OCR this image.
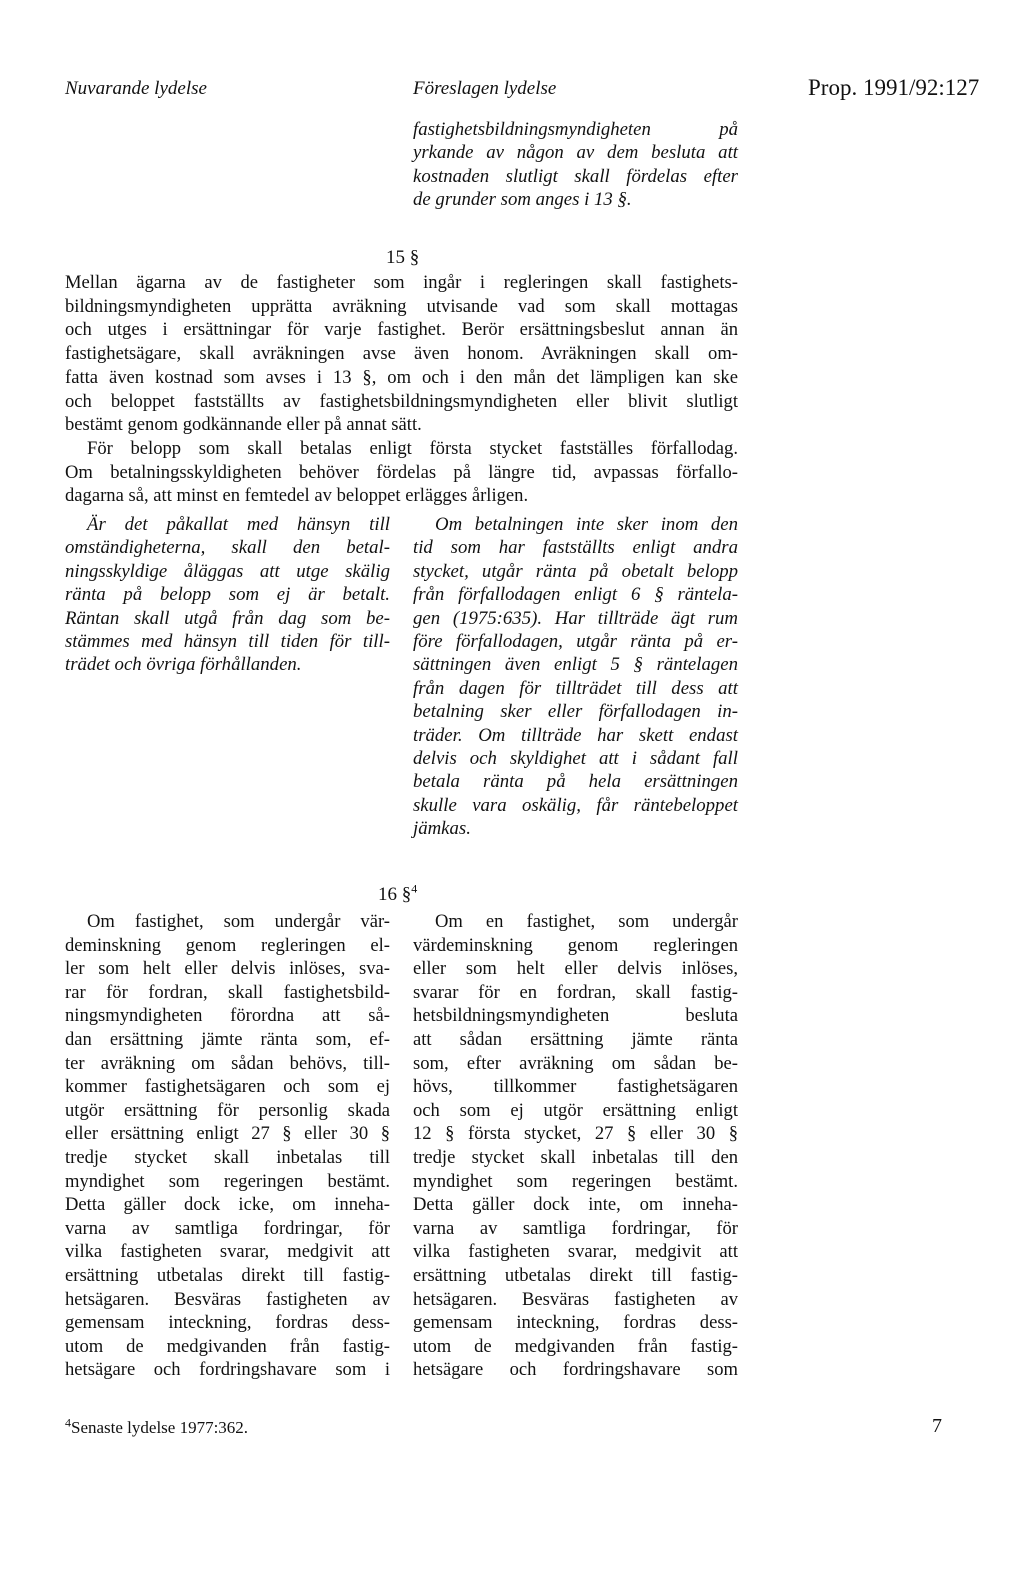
Nuvarande lydelse	Föreslagen lydelse	Prop. 1991/92:127
fastighetsbildningsmyndigheten på
yrkande av någon av dem besluta att
kostnaden slutligt skall fördelas efter
de grunder som anges i 13 §.
15 §
Mellan ägarna av de fastigheter som ingår i regleringen skall fastighets-
bildningsmyndigheten upprätta avräkning utvisande vad som skall mottagas
och utges i ersättningar för varje fastighet. Berör ersättningsbeslut annan än
fastighetsägare, skall avräkningen avse även honom. Avräkningen skall om-
fatta även kostnad som avses i 13 §, om och i den mån det lämpligen kan ske
och beloppet fastställts av fastighetsbildningsmyndigheten eller blivit slutligt
bestämt genom godkännande eller på annat sätt.
För belopp som skall betalas enligt första stycket fastställes förfallodag.
Om betalningsskyldigheten behöver fördelas på längre tid, avpassas förfallo-
dagarna så, att minst en femtedel av beloppet erlägges årligen.
Är det påkallat med hänsyn till
omständigheterna, skall den betal-
ningsskyldige åläggas att utge skälig
ränta på belopp som ej är betalt.
Räntan skall utgå från dag som be-
stämmes med hänsyn till tiden för till-
trädet och övriga förhållanden.
Om betalningen inte sker inom den
tid som har fastställts enligt andra
stycket, utgår ränta på obetalt belopp
från förfallodagen enligt 6 § räntela-
gen (1975:635). Har tillträde ägt rum
före förfallodagen, utgår ränta på er-
sättningen även enligt 5 § räntelagen
från dagen för tillträdet till dess att
betalning sker eller förfallodagen in-
träder. Om tillträde har skett endast
delvis och skyldighet att i sådant fall
betala ränta på hela ersättningen
skulle vara oskälig, får räntebeloppet
jämkas.
16 §$^4$
Om fastighet, som undergår vär-
deminskning genom regleringen el-
ler som helt eller delvis inlöses, sva-
rar för fordran, skall fastighetsbild-
ningsmyndigheten förordna att så-
dan ersättning jämte ränta som, ef-
ter avräkning om sådan behövs, till-
kommer fastighetsägaren och som ej
utgör ersättning för personlig skada
eller ersättning enligt 27 § eller 30 §
tredje stycket skall inbetalas till
myndighet som regeringen bestämt.
Detta gäller dock icke, om inneha-
varna av samtliga fordringar, för
vilka fastigheten svarar, medgivit att
ersättning utbetalas direkt till fastig-
hetsägaren. Besväras fastigheten av
gemensam inteckning, fordras dess-
utom de medgivanden från fastig-
hetsägare och fordringshavare som i
Om en fastighet, som undergår
värdeminskning genom regleringen
eller som helt eller delvis inlöses,
svarar för en fordran, skall fastig-
hetsbildningsmyndigheten besluta
att sådan ersättning jämte ränta
som, efter avräkning om sådan be-
hövs, tillkommer fastighetsägaren
och som ej utgör ersättning enligt
12 § första stycket, 27 § eller 30 §
tredje stycket skall inbetalas till den
myndighet som regeringen bestämt.
Detta gäller dock inte, om inneha-
varna av samtliga fordringar, för
vilka fastigheten svarar, medgivit att
ersättning utbetalas direkt till fastig-
hetsägaren. Besväras fastigheten av
gemensam inteckning, fordras dess-
utom de medgivanden från fastig-
hetsägare och fordringshavare som
$^4$Senaste lydelse 1977:362.	7
